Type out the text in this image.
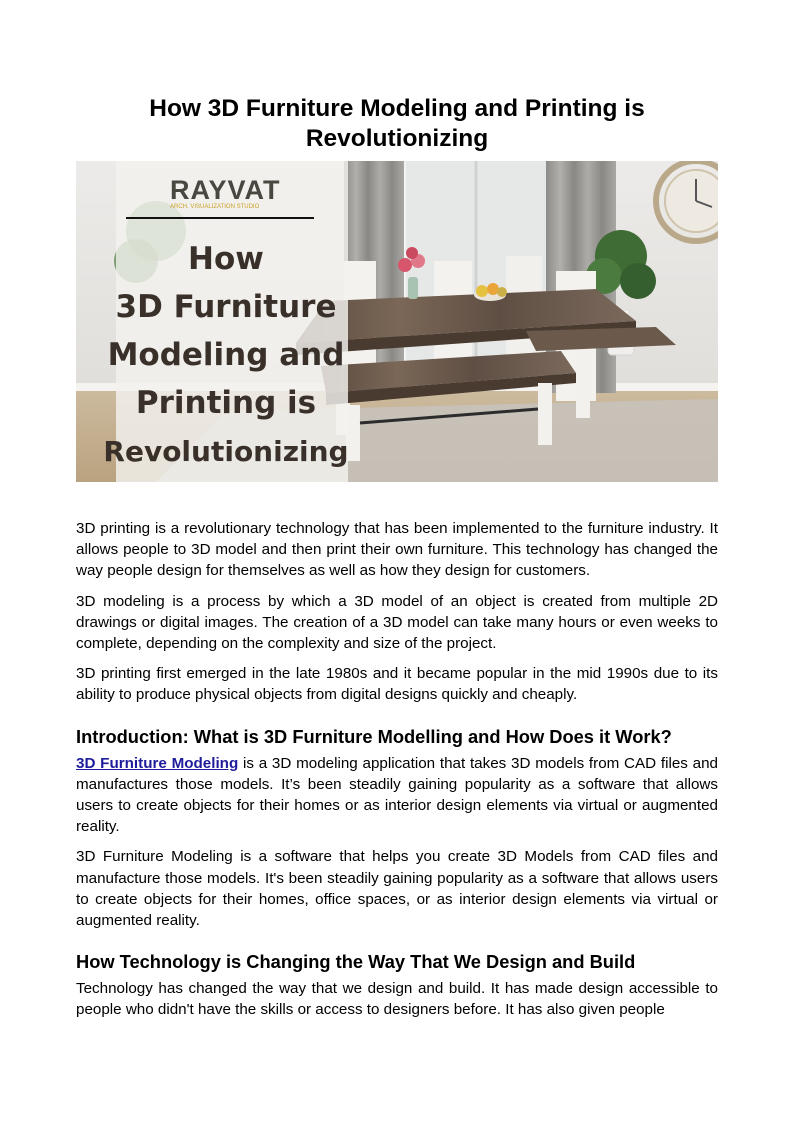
How 3D Furniture Modeling and Printing is Revolutionizing
RAYVAT
ARCH. VISUALIZATION STUDIO
How
3D Furniture
Modeling and
Printing is
Revolutionizing

3D printing is a revolutionary technology that has been implemented to the furniture industry. It allows people to 3D model and then print their own furniture. This technology has changed the way people design for themselves as well as how they design for customers.

3D modeling is a process by which a 3D model of an object is created from multiple 2D drawings or digital images. The creation of a 3D model can take many hours or even weeks to complete, depending on the complexity and size of the project.

3D printing first emerged in the late 1980s and it became popular in the mid 1990s due to its ability to produce physical objects from digital designs quickly and cheaply.

Introduction: What is 3D Furniture Modelling and How Does it Work?

3D Furniture Modeling is a 3D modeling application that takes 3D models from CAD files and manufactures those models. It’s been steadily gaining popularity as a software that allows users to create objects for their homes or as interior design elements via virtual or augmented reality.

3D Furniture Modeling is a software that helps you create 3D Models from CAD files and manufacture those models. It's been steadily gaining popularity as a software that allows users to create objects for their homes, office spaces, or as interior design elements via virtual or augmented reality.

How Technology is Changing the Way That We Design and Build

Technology has changed the way that we design and build. It has made design accessible to people who didn't have the skills or access to designers before. It has also given people
